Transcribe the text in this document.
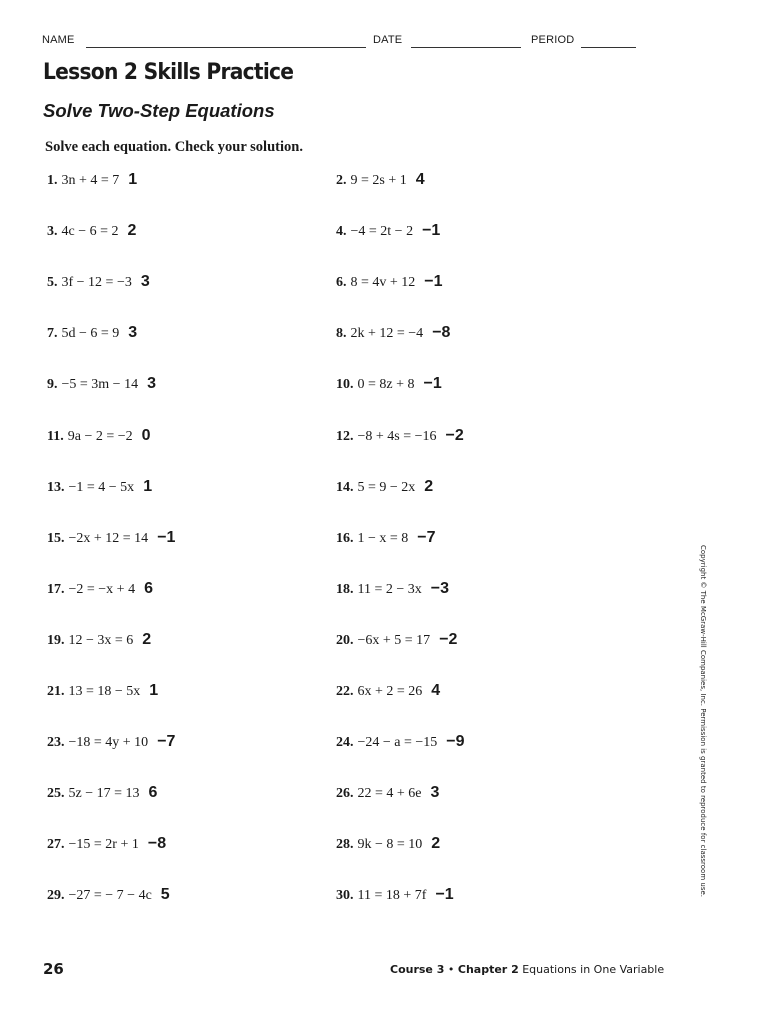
NAME	DATE	PERIOD
Lesson 2 Skills Practice
Solve Two-Step Equations
Solve each equation. Check your solution.
1. 3n + 4 = 7 1	2. 9 = 2s + 1 4
3. 4c − 6 = 2 2	4. −4 = 2t − 2 −1
5. 3f − 12 = −3 3	6. 8 = 4v + 12 −1
7. 5d − 6 = 9 3	8. 2k + 12 = −4 −8
9. −5 = 3m − 14 3	10. 0 = 8z + 8 −1
11. 9a − 2 = −2 0	12. −8 + 4s = −16 −2
13. −1 = 4 − 5x 1	14. 5 = 9 − 2x 2
15. −2x + 12 = 14 −1	16. 1 − x = 8 −7
17. −2 = −x + 4 6	18. 11 = 2 − 3x −3
19. 12 − 3x = 6 2	20. −6x + 5 = 17 −2
21. 13 = 18 − 5x 1	22. 6x + 2 = 26 4
23. −18 = 4y + 10 −7	24. −24 − a = −15 −9
25. 5z − 17 = 13 6	26. 22 = 4 + 6e 3
27. −15 = 2r + 1 −8	28. 9k − 8 = 10 2
29. −27 = − 7 − 4c 5	30. 11 = 18 + 7f −1	Copyright © The McGraw-Hill Companies, Inc. Permission is granted to reproduce for classroom use.
26	Course 3 • Chapter 2 Equations in One Variable
